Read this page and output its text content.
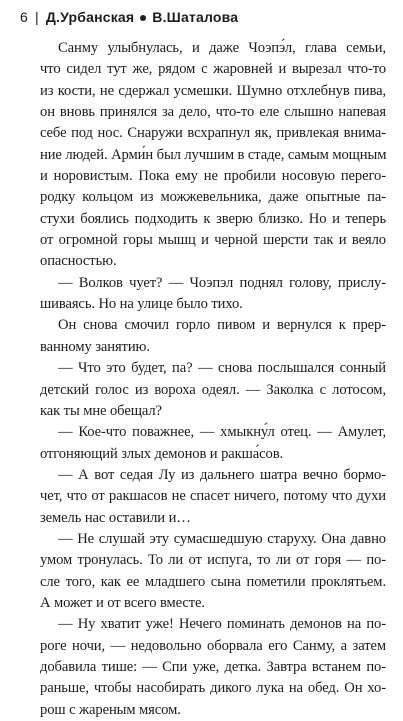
6 | Д.Урбанская В.Шаталова
Санму улыбнулась, и даже Чоэпэ́л, глава семьи,
что сидел тут же, рядом с жаровней и вырезал что-то
из кости, не сдержал усмешки. Шумно отхлебнув пива,
он вновь принялся за дело, что-то еле слышно напевая
себе под нос. Снаружи всхрапнул як, привлекая внима-
ние людей. Арми́н был лучшим в стаде, самым мощным
и норовистым. Пока ему не пробили носовую перего-
родку кольцом из можжевельника, даже опытные па-
стухи боялись подходить к зверю близко. Но и теперь
от огромной горы мышц и черной шерсти так и веяло
опасностью.
— Волков чует? — Чоэпэл поднял голову, прислу-
шиваясь. Но на улице было тихо.
Он снова смочил горло пивом и вернулся к прер-
ванному занятию.
— Что это будет, па? — снова послышался сонный
детский голос из вороха одеял. — Заколка с лотосом,
как ты мне обещал?
— Кое-что поважнее, — хмыкну́л отец. — Амулет,
отгоняющий злых демонов и ракша́сов.
— А вот седая Лу из дальнего шатра вечно бормо-
чет, что от ракшасов не спасет ничего, потому что духи
земель нас оставили и…
— Не слушай эту сумасшедшую старуху. Она давно
умом тронулась. То ли от испуга, то ли от горя — по-
сле того, как ее младшего сына пометили проклятьем.
А может и от всего вместе.
— Ну хватит уже! Нечего поминать демонов на по-
роге ночи, — недовольно оборвала его Санму, а затем
добавила тише: — Спи уже, детка. Завтра встанем по-
раньше, чтобы насобирать дикого лука на обед. Он хо-
рош с жареным мясом.
